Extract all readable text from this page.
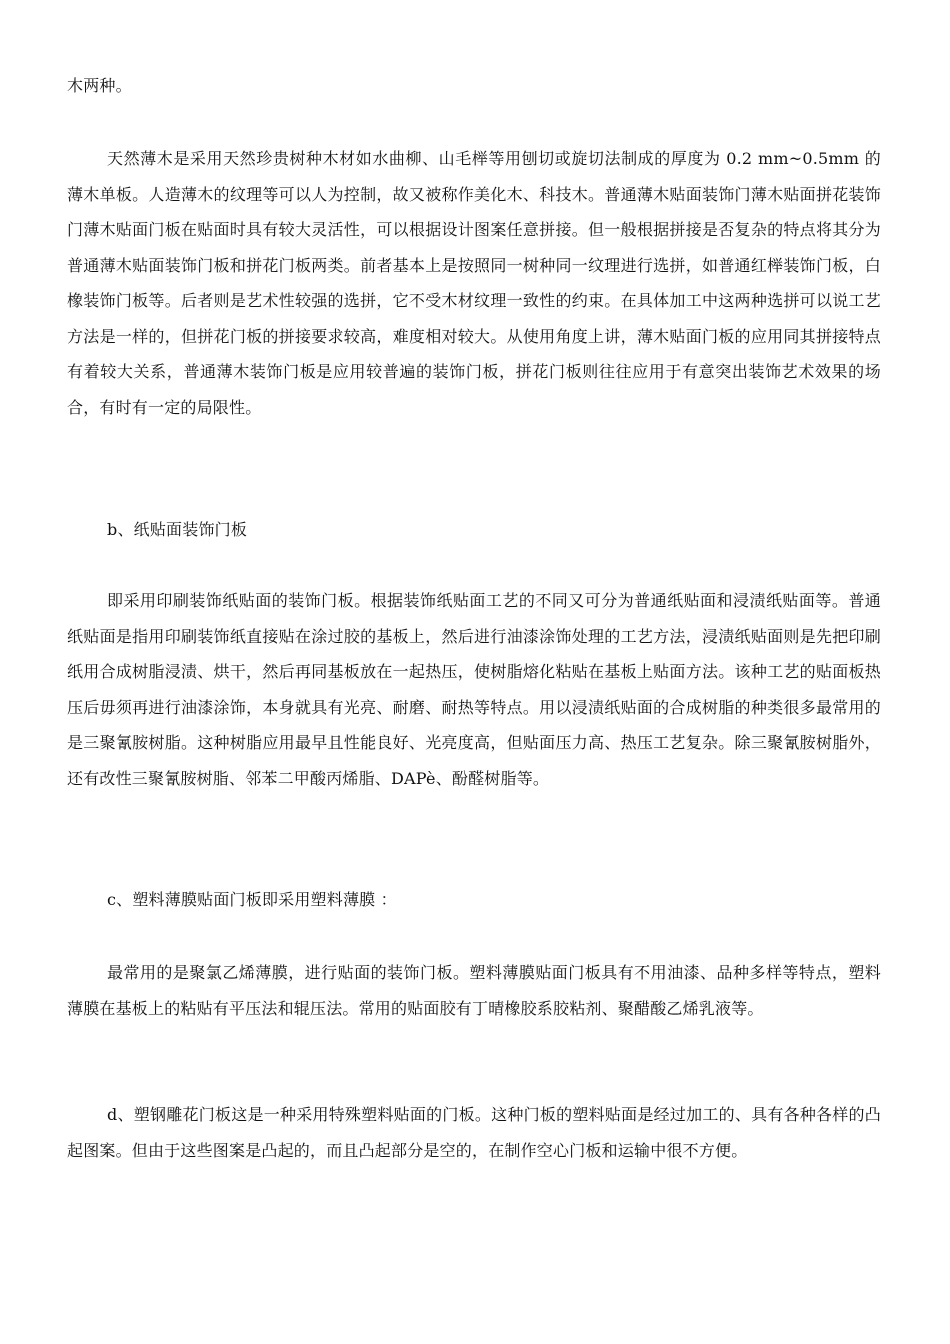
木两种。

天然薄木是采用天然珍贵树种木材如水曲柳、山毛榉等用刨切或旋切法制成的厚度为 0.2 mm~0.5mm 的薄木单板。人造薄木的纹理等可以人为控制，故又被称作美化木、科技木。普通薄木贴面装饰门薄木贴面拼花装饰门薄木贴面门板在贴面时具有较大灵活性，可以根据设计图案任意拼接。但一般根据拼接是否复杂的特点将其分为普通薄木贴面装饰门板和拼花门板两类。前者基本上是按照同一树种同一纹理进行选拼，如普通红榉装饰门板，白橡装饰门板等。后者则是艺术性较强的选拼，它不受木材纹理一致性的约束。在具体加工中这两种选拼可以说工艺方法是一样的，但拼花门板的拼接要求较高，难度相对较大。从使用角度上讲，薄木贴面门板的应用同其拼接特点有着较大关系，普通薄木装饰门板是应用较普遍的装饰门板，拼花门板则往往应用于有意突出装饰艺术效果的场合，有时有一定的局限性。

b、纸贴面装饰门板

即采用印刷装饰纸贴面的装饰门板。根据装饰纸贴面工艺的不同又可分为普通纸贴面和浸渍纸贴面等。普通纸贴面是指用印刷装饰纸直接贴在涂过胶的基板上，然后进行油漆涂饰处理的工艺方法，浸渍纸贴面则是先把印刷纸用合成树脂浸渍、烘干，然后再同基板放在一起热压，使树脂熔化粘贴在基板上贴面方法。该种工艺的贴面板热压后毋须再进行油漆涂饰，本身就具有光亮、耐磨、耐热等特点。用以浸渍纸贴面的合成树脂的种类很多最常用的是三聚氰胺树脂。这种树脂应用最早且性能良好、光亮度高，但贴面压力高、热压工艺复杂。除三聚氰胺树脂外，还有改性三聚氰胺树脂、邻苯二甲酸丙烯脂、DAPè、酚醛树脂等。

c、塑料薄膜贴面门板即采用塑料薄膜 ：

最常用的是聚氯乙烯薄膜，进行贴面的装饰门板。塑料薄膜贴面门板具有不用油漆、品种多样等特点，塑料薄膜在基板上的粘贴有平压法和辊压法。常用的贴面胶有丁晴橡胶系胶粘剂、聚醋酸乙烯乳液等。

d、塑钢雕花门板这是一种采用特殊塑料贴面的门板。这种门板的塑料贴面是经过加工的、具有各种各样的凸起图案。但由于这些图案是凸起的，而且凸起部分是空的，在制作空心门板和运输中很不方便。
